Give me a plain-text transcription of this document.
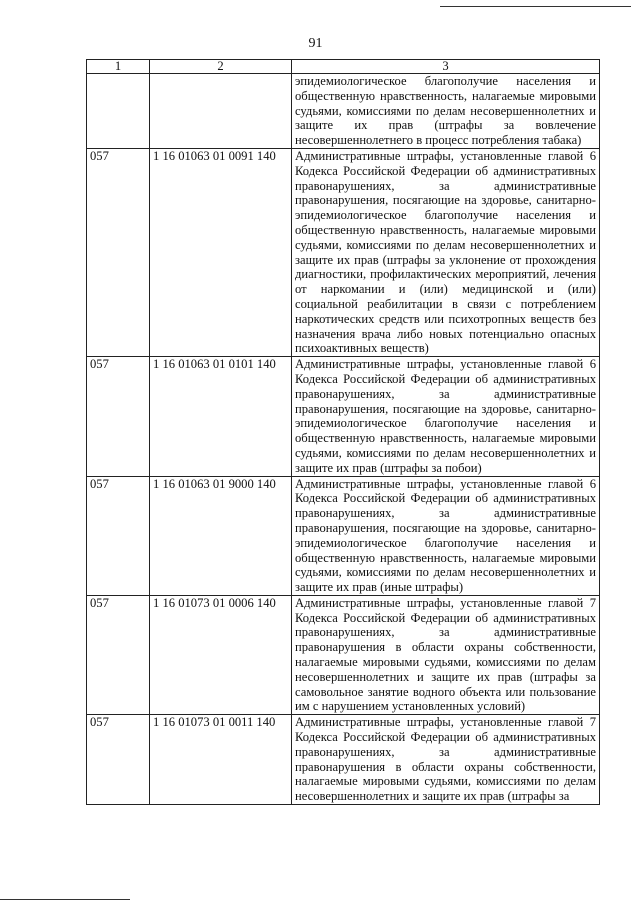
91
1	2	3
		эпидемиологическое благополучие населения и общественную нравственность, налагаемые мировыми судьями, комиссиями по делам несовершеннолетних и защите их прав (штрафы за вовлечение несовершеннолетнего в процесс потребления табака)
057	1 16 01063 01 0091 140	Административные штрафы, установленные главой 6 Кодекса Российской Федерации об административных правонарушениях, за административные правонарушения, посягающие на здоровье, санитарно-эпидемиологическое благополучие населения и общественную нравственность, налагаемые мировыми судьями, комиссиями по делам несовершеннолетних и защите их прав (штрафы за уклонение от прохождения диагностики, профилактических мероприятий, лечения от наркомании и (или) медицинской и (или) социальной реабилитации в связи с потреблением наркотических средств или психотропных веществ без назначения врача либо новых потенциально опасных психоактивных веществ)
057	1 16 01063 01 0101 140	Административные штрафы, установленные главой 6 Кодекса Российской Федерации об административных правонарушениях, за административные правонарушения, посягающие на здоровье, санитарно-эпидемиологическое благополучие населения и общественную нравственность, налагаемые мировыми судьями, комиссиями по делам несовершеннолетних и защите их прав (штрафы за побои)
057	1 16 01063 01 9000 140	Административные штрафы, установленные главой 6 Кодекса Российской Федерации об административных правонарушениях, за административные правонарушения, посягающие на здоровье, санитарно-эпидемиологическое благополучие населения и общественную нравственность, налагаемые мировыми судьями, комиссиями по делам несовершеннолетних и защите их прав (иные штрафы)
057	1 16 01073 01 0006 140	Административные штрафы, установленные главой 7 Кодекса Российской Федерации об административных правонарушениях, за административные правонарушения в области охраны собственности, налагаемые мировыми судьями, комиссиями по делам несовершеннолетних и защите их прав (штрафы за самовольное занятие водного объекта или пользование им с нарушением установленных условий)
057	1 16 01073 01 0011 140	Административные штрафы, установленные главой 7 Кодекса Российской Федерации об административных правонарушениях, за административные правонарушения в области охраны собственности, налагаемые мировыми судьями, комиссиями по делам несовершеннолетних и защите их прав (штрафы за
